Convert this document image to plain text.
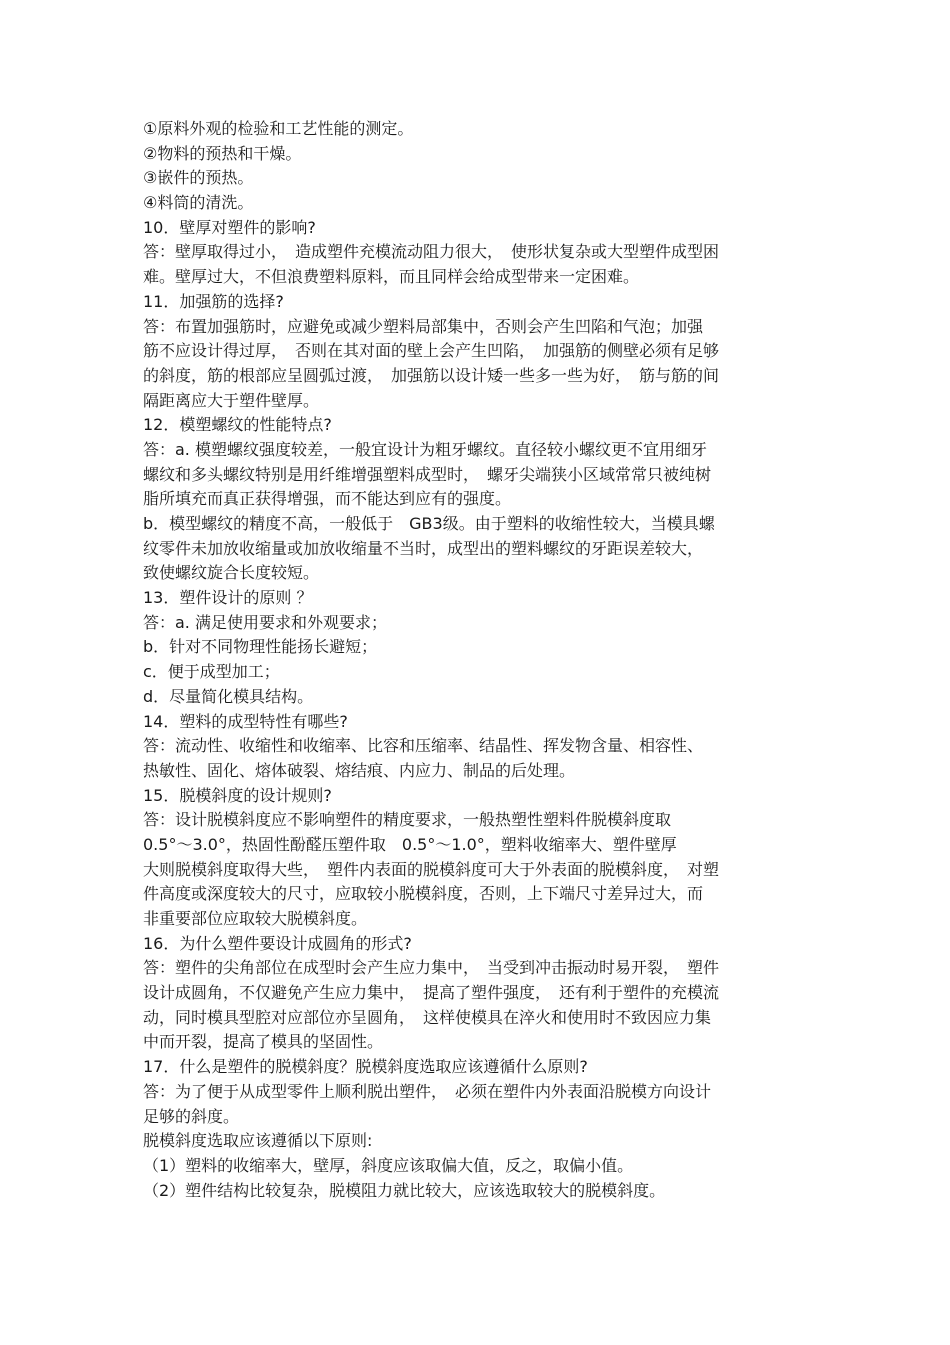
①原料外观的检验和工艺性能的测定。
②物料的预热和干燥。
③嵌件的预热。
④料筒的清洗。
10．壁厚对塑件的影响?
答：壁厚取得过小，　造成塑件充模流动阻力很大，　使形状复杂或大型塑件成型困
难。壁厚过大，不但浪费塑料原料，而且同样会给成型带来一定困难。
11．加强筋的选择?
答：布置加强筋时，应避免或减少塑料局部集中，否则会产生凹陷和气泡；加强
筋不应设计得过厚，　否则在其对面的壁上会产生凹陷，　加强筋的侧壁必须有足够
的斜度，筋的根部应呈圆弧过渡，　加强筋以设计矮一些多一些为好，　筋与筋的间
隔距离应大于塑件壁厚。
12．模塑螺纹的性能特点?
答：a. 模塑螺纹强度较差，一般宜设计为粗牙螺纹。直径较小螺纹更不宜用细牙
螺纹和多头螺纹特别是用纤维增强塑料成型时，　螺牙尖端狭小区域常常只被纯树
脂所填充而真正获得增强，而不能达到应有的强度。
b．模型螺纹的精度不高，一般低于　GB3级。由于塑料的收缩性较大，当模具螺
纹零件未加放收缩量或加放收缩量不当时，成型出的塑料螺纹的牙距误差较大，
致使螺纹旋合长度较短。
13．塑件设计的原则 ？
答：a. 满足使用要求和外观要求；
b．针对不同物理性能扬长避短；
c．便于成型加工；
d．尽量简化模具结构。
14．塑料的成型特性有哪些?
答：流动性、收缩性和收缩率、比容和压缩率、结晶性、挥发物含量、相容性、
热敏性、固化、熔体破裂、熔结痕、内应力、制品的后处理。
15．脱模斜度的设计规则?
答：设计脱模斜度应不影响塑件的精度要求，一般热塑性塑料件脱模斜度取
0.5°～3.0°，热固性酚醛压塑件取　0.5°～1.0°，塑料收缩率大、塑件壁厚
大则脱模斜度取得大些，　塑件内表面的脱模斜度可大于外表面的脱模斜度，　对塑
件高度或深度较大的尺寸，应取较小脱模斜度，否则，上下端尺寸差异过大，而
非重要部位应取较大脱模斜度。
16．为什么塑件要设计成圆角的形式?
答：塑件的尖角部位在成型时会产生应力集中，　当受到冲击振动时易开裂，　塑件
设计成圆角，不仅避免产生应力集中，　提高了塑件强度，　还有利于塑件的充模流
动，同时模具型腔对应部位亦呈圆角，　这样使模具在淬火和使用时不致因应力集
中而开裂，提高了模具的坚固性。
17．什么是塑件的脱模斜度？脱模斜度选取应该遵循什么原则?
答：为了便于从成型零件上顺利脱出塑件，　必须在塑件内外表面沿脱模方向设计
足够的斜度。
脱模斜度选取应该遵循以下原则:
（1）塑料的收缩率大，壁厚，斜度应该取偏大值，反之，取偏小值。
（2）塑件结构比较复杂，脱模阻力就比较大，应该选取较大的脱模斜度。
